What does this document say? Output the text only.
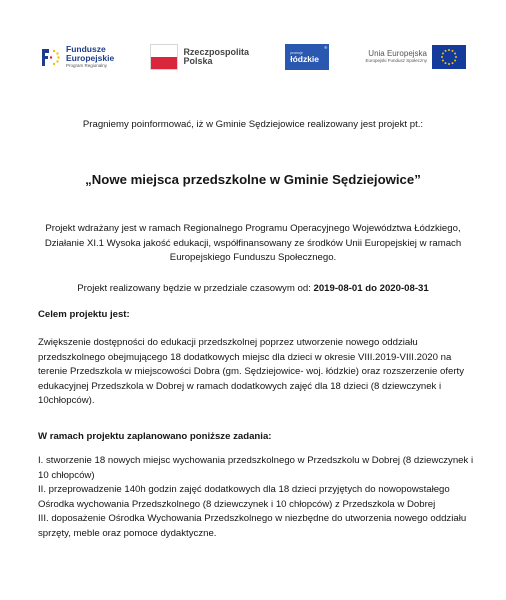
Fundusze
Europejskie
Program Regionalny
Rzeczpospolita
Polska
promuje
łódzkie
®
Unia Europejska
Europejski Fundusz Społeczny

Pragniemy poinformować, iż w Gminie Sędziejowice realizowany jest projekt pt.:

„Nowe miejsca przedszkolne w Gminie Sędziejowice”

Projekt wdrażany jest w ramach Regionalnego Programu Operacyjnego Województwa Łódzkiego, Działanie XI.1 Wysoka jakość edukacji, współfinansowany ze środków Unii Europejskiej w ramach Europejskiego Funduszu Społecznego.

Projekt realizowany będzie w przedziale czasowym od: 2019-08-01 do 2020-08-31

Celem projektu jest:

Zwiększenie dostępności do edukacji przedszkolnej poprzez utworzenie nowego oddziału przedszkolnego obejmującego 18 dodatkowych miejsc dla dzieci w okresie VIII.2019-VIII.2020 na terenie Przedszkola w miejscowości Dobra (gm. Sędziejowice- woj. łódzkie) oraz rozszerzenie oferty edukacyjnej Przedszkola w Dobrej w ramach dodatkowych zajęć dla 18 dzieci (8 dziewczynek i 10chłopców).

W ramach projektu zaplanowano poniższe zadania:

I. stworzenie 18 nowych miejsc wychowania przedszkolnego w Przedszkolu w Dobrej (8 dziewczynek i 10 chłopców)

II. przeprowadzenie 140h godzin zajęć dodatkowych dla 18 dzieci przyjętych do nowopowstałego Ośrodka wychowania Przedszkolnego (8 dziewczynek i 10 chłopców) z Przedszkola w Dobrej

III. doposażenie Ośrodka Wychowania Przedszkolnego w niezbędne do utworzenia nowego oddziału sprzęty, meble oraz pomoce dydaktyczne.
